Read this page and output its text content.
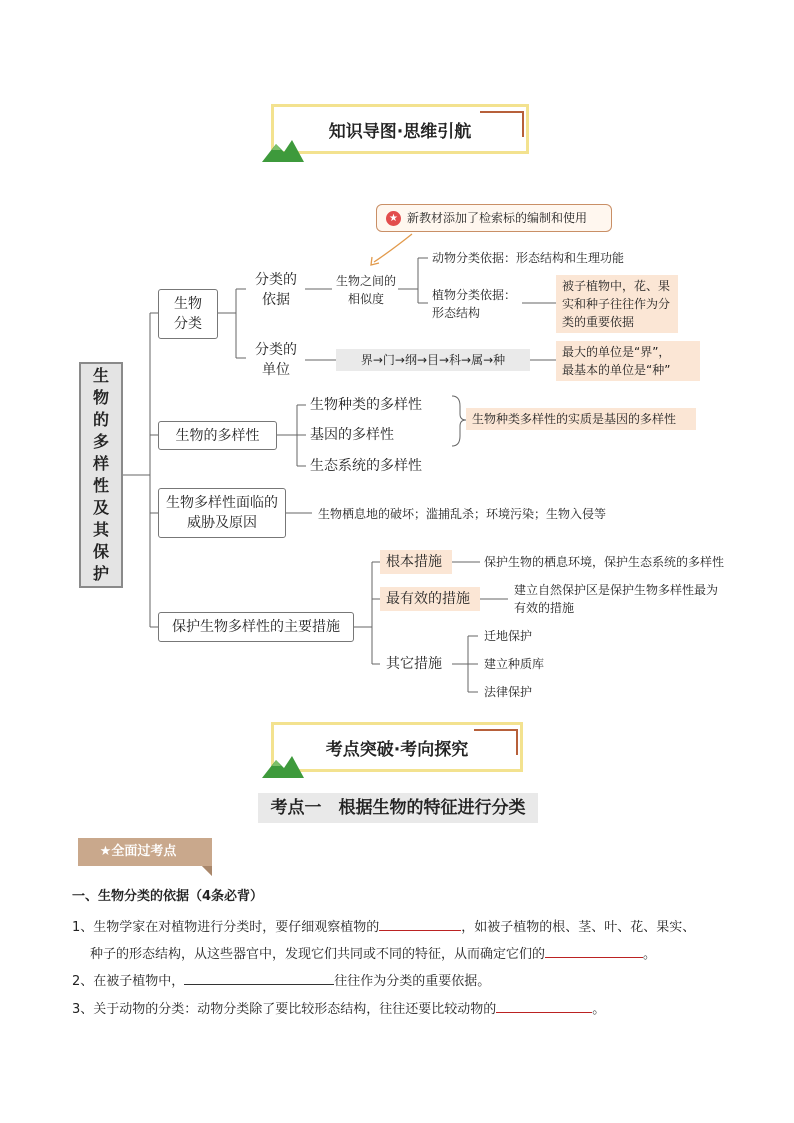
知识导图·思维引航
生
物
的
多
样
性
及
其
保
护
★ 新教材添加了检索标的编制和使用
生物分类
分类的依据
生物之间的相似度
动物分类依据：形态结构和生理功能
植物分类依据：形态结构
被子植物中，花、果实和种子往往作为分类的重要依据
分类的单位
界→门→纲→目→科→属→种
最大的单位是“界”，
最基本的单位是“种”
生物的多样性
生物种类的多样性
基因的多样性
生态系统的多样性
生物种类多样性的实质是基因的多样性
生物多样性面临的威胁及原因
生物栖息地的破坏；滥捕乱杀；环境污染；生物入侵等
保护生物多样性的主要措施
根本措施	保护生物的栖息环境，保护生态系统的多样性
最有效的措施
建立自然保护区是保护生物多样性最为
有效的措施
其它措施
迁地保护
建立种质库
法律保护
考点突破·考向探究
考点一　根据生物的特征进行分类
★全面过考点
一、生物分类的依据（4条必背）
1、生物学家在对植物进行分类时，要仔细观察植物的	，如被子植物的根、茎、叶、花、果实、
种子的形态结构，从这些器官中，发现它们共同或不同的特征，从而确定它们的	。
2、在被子植物中，	往往作为分类的重要依据。
3、关于动物的分类：动物分类除了要比较形态结构，往往还要比较动物的	。
